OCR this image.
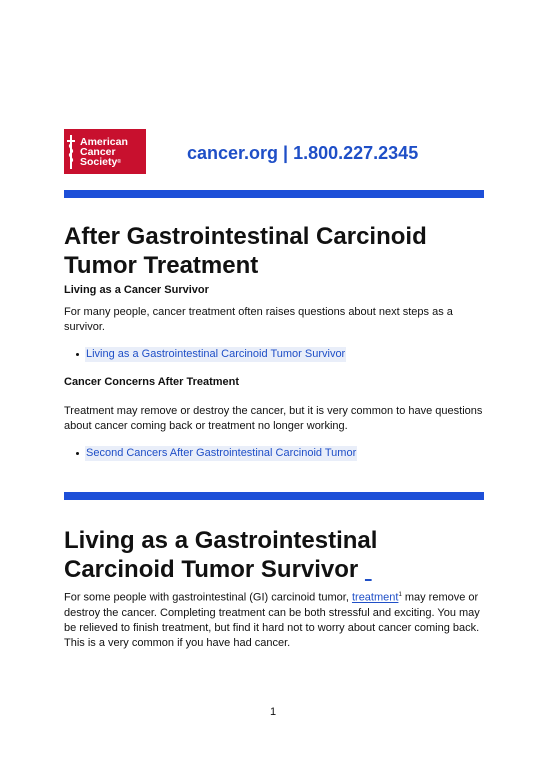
American
Cancer
Society®	cancer.org | 1.800.227.2345
After Gastrointestinal Carcinoid Tumor Treatment
Living as a Cancer Survivor

For many people, cancer treatment often raises questions about next steps as a survivor.

Living as a Gastrointestinal Carcinoid Tumor Survivor
Cancer Concerns After Treatment

Treatment may remove or destroy the cancer, but it is very common to have questions about cancer coming back or treatment no longer working.

Second Cancers After Gastrointestinal Carcinoid Tumor
Living as a Gastrointestinal Carcinoid Tumor Survivor

For some people with gastrointestinal (GI) carcinoid tumor, treatment$^1$ may remove or destroy the cancer. Completing treatment can be both stressful and exciting. You may be relieved to finish treatment, but find it hard not to worry about cancer coming back. This is a very common if you have had cancer.

1
